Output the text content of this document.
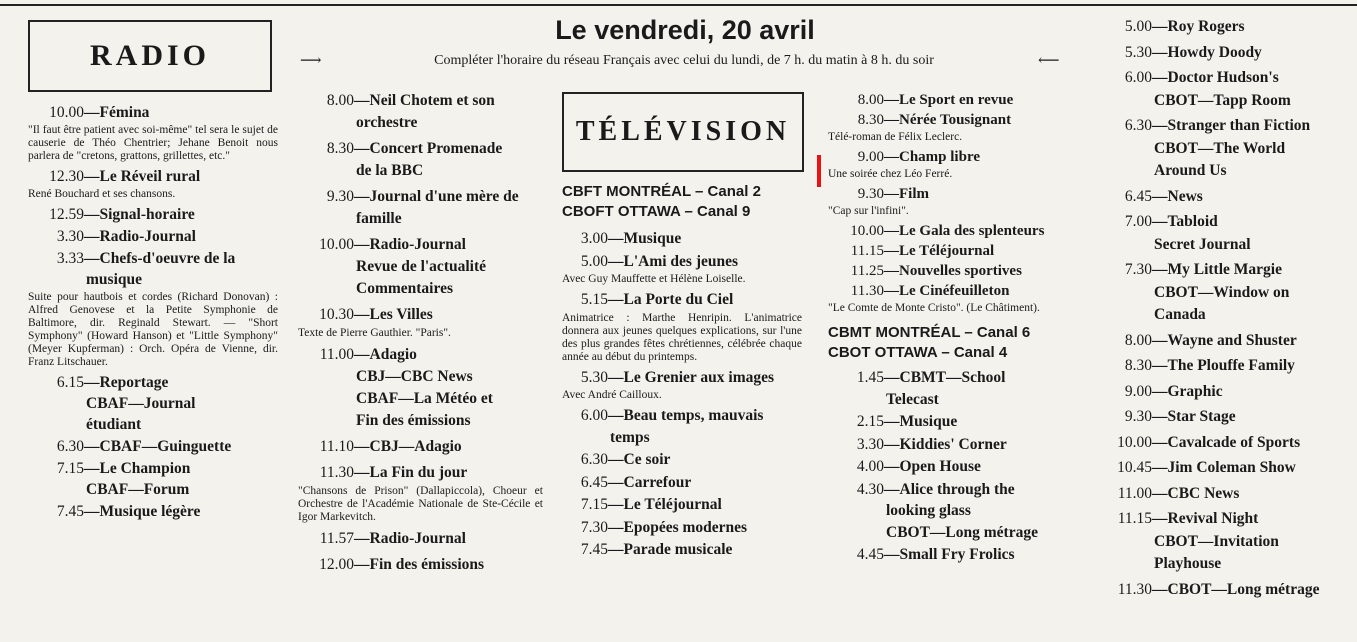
Le vendredi, 20 avril
⟶	Compléter l'horaire du réseau Français avec celui du lundi, de 7 h. du matin à 8 h. du soir	⟵
RADIO
TÉLÉVISION
10.00 —Fémina
"Il faut être patient avec soi-même" tel sera le sujet de causerie de Théo Chentrier; Jehane Benoit nous parlera de "cretons, grattons, grillettes, etc."
12.30 —Le Réveil rural
René Bouchard et ses chansons.
12.59 —Signal-horaire
3.30 —Radio-Journal
3.33 —Chefs-d'oeuvre de la
musique
Suite pour hautbois et cordes (Richard Donovan) : Alfred Genovese et la Petite Symphonie de Baltimore, dir. Reginald Stewart. — "Short Symphony" (Howard Hanson) et "Little Symphony" (Meyer Kupferman) : Orch. Opéra de Vienne, dir. Franz Litschauer.
6.15 —Reportage
CBAF—Journal
étudiant
6.30 —CBAF—Guinguette
7.15 —Le Champion
CBAF—Forum
7.45 —Musique légère
8.00 —Neil Chotem et son
orchestre
8.30 —Concert Promenade
de la BBC
9.30 —Journal d'une mère de
famille
10.00 —Radio-Journal
Revue de l'actualité
Commentaires
10.30 —Les Villes
Texte de Pierre Gauthier. "Paris".
11.00 —Adagio
CBJ—CBC News
CBAF—La Météo et
Fin des émissions
11.10 —CBJ—Adagio
11.30 —La Fin du jour
"Chansons de Prison" (Dallapiccola), Choeur et Orchestre de l'Académie Nationale de Ste-Cécile et Igor Markevitch.
11.57 —Radio-Journal
12.00 —Fin des émissions
CBFT MONTRÉAL – Canal 2
CBOFT OTTAWA – Canal 9
3.00 —Musique
5.00 —L'Ami des jeunes
Avec Guy Mauffette et Hélène Loiselle.
5.15 —La Porte du Ciel
Animatrice : Marthe Henripin. L'animatrice donnera aux jeunes quelques explications, sur l'une des plus grandes fêtes chrétiennes, célébrée chaque année au début du printemps.
5.30 —Le Grenier aux images
Avec André Cailloux.
6.00 —Beau temps, mauvais
temps
6.30 —Ce soir
6.45 —Carrefour
7.15 —Le Téléjournal
7.30 —Epopées modernes
7.45 —Parade musicale
8.00 —Le Sport en revue
8.30 —Nérée Tousignant
Télé-roman de Félix Leclerc.
9.00 —Champ libre
Une soirée chez Léo Ferré.
9.30 —Film
"Cap sur l'infini".
10.00 —Le Gala des splenteurs
11.15 —Le Téléjournal
11.25 —Nouvelles sportives
11.30 —Le Cinéfeuilleton
"Le Comte de Monte Cristo". (Le Châtiment).
CBMT MONTRÉAL – Canal 6
CBOT OTTAWA – Canal 4
1.45 —CBMT—School
Telecast
2.15 —Musique
3.30 —Kiddies' Corner
4.00 —Open House
4.30 —Alice through the
looking glass
CBOT—Long métrage
4.45 —Small Fry Frolics
5.00 —Roy Rogers
5.30 —Howdy Doody
6.00 —Doctor Hudson's
CBOT—Tapp Room
6.30 —Stranger than Fiction
CBOT—The World
Around Us
6.45 —News
7.00 —Tabloid
Secret Journal
7.30 —My Little Margie
CBOT—Window on
Canada
8.00 —Wayne and Shuster
8.30 —The Plouffe Family
9.00 —Graphic
9.30 —Star Stage
10.00 —Cavalcade of Sports
10.45 —Jim Coleman Show
11.00 —CBC News
11.15 —Revival Night
CBOT—Invitation
Playhouse
11.30 —CBOT—Long métrage
